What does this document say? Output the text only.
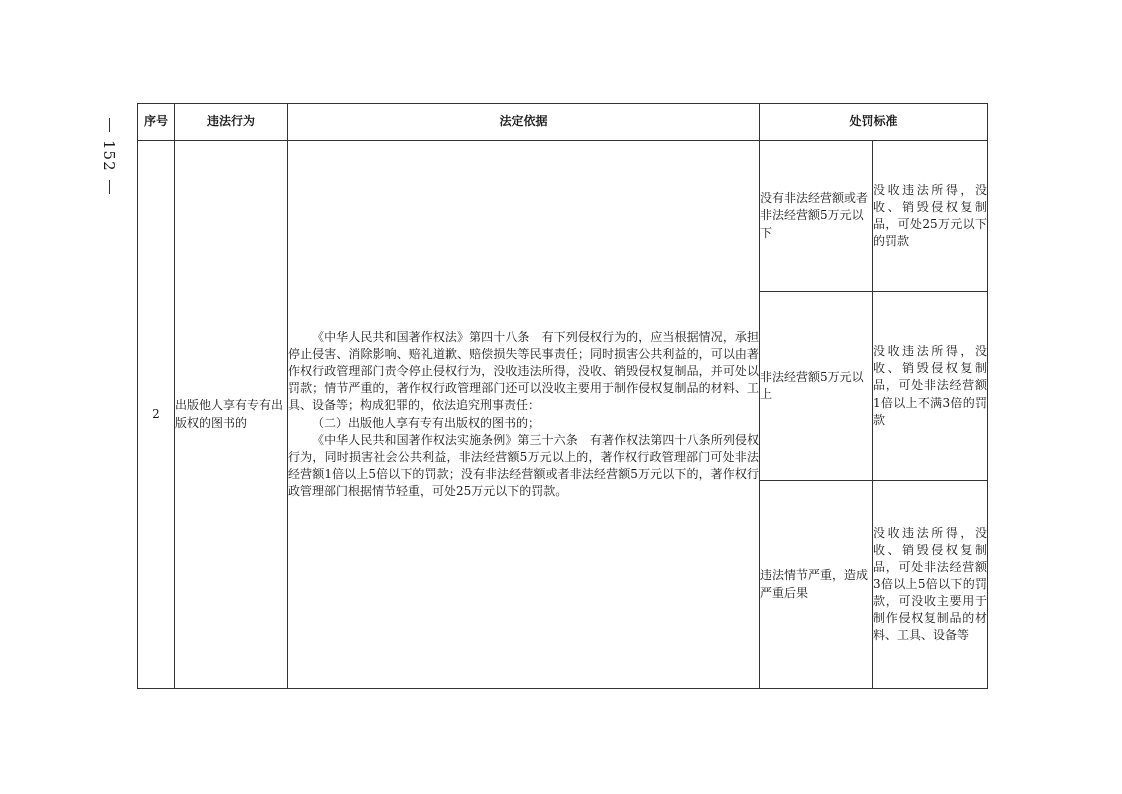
152
序号	违法行为	法定依据	处罚标准	
2	出版他人享有专有出版权的图书的	《中华人民共和国著作权法》第四十八条　有下列侵权行为的，应当根据情况，承担停止侵害、消除影响、赔礼道歉、赔偿损失等民事责任；同时损害公共利益的，可以由著作权行政管理部门责令停止侵权行为，没收违法所得，没收、销毁侵权复制品，并可处以罚款；情节严重的，著作权行政管理部门还可以没收主要用于制作侵权复制品的材料、工具、设备等；构成犯罪的，依法追究刑事责任：

（二）出版他人享有专有出版权的图书的；

《中华人民共和国著作权法实施条例》第三十六条　有著作权法第四十八条所列侵权行为，同时损害社会公共利益，非法经营额5万元以上的，著作权行政管理部门可处非法经营额1倍以上5倍以下的罚款；没有非法经营额或者非法经营额5万元以下的，著作权行政管理部门根据情节轻重，可处25万元以下的罚款。	没有非法经营额或者非法经营额5万元以下	没收违法所得，没收、销毁侵权复制品，可处25万元以下的罚款
			非法经营额5万元以上	没收违法所得，没收、销毁侵权复制品，可处非法经营额1倍以上不满3倍的罚款
			违法情节严重，造成严重后果	没收违法所得，没收、销毁侵权复制品，可处非法经营额3倍以上5倍以下的罚款，可没收主要用于制作侵权复制品的材料、工具、设备等
